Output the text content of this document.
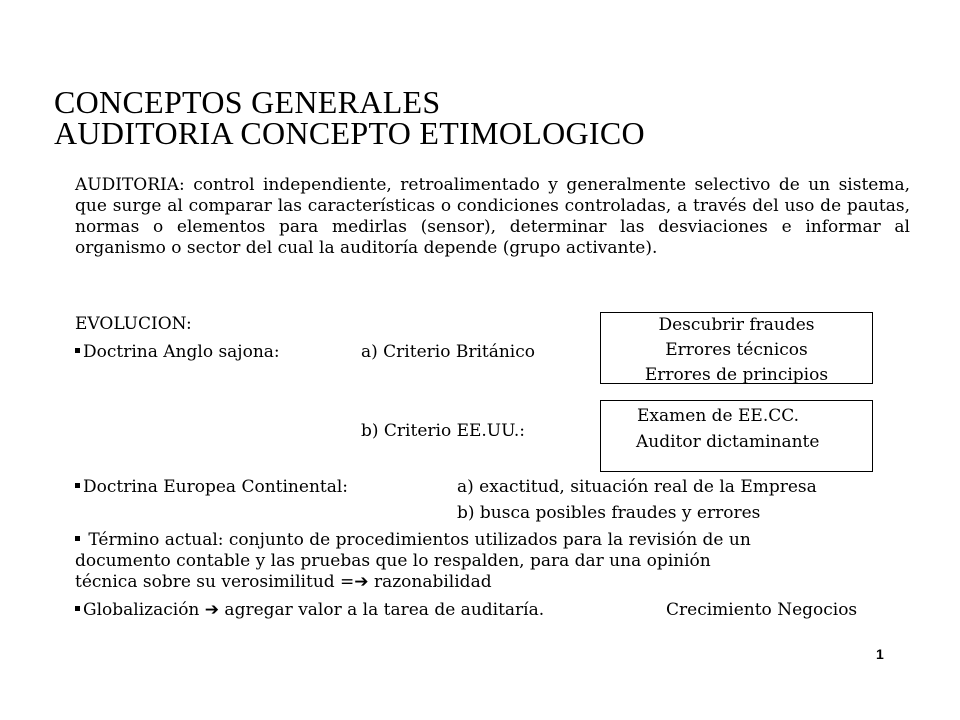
CONCEPTOS GENERALES
AUDITORIA CONCEPTO ETIMOLOGICO
AUDITORIA: control independiente, retroalimentado y generalmente selectivo de un sistema, que surge al comparar las características o condiciones controladas, a través del uso de pautas, normas o elementos para medirlas (sensor), determinar las desviaciones e informar al organismo o sector del cual la auditoría depende (grupo activante).
EVOLUCION:
Doctrina Anglo sajona:	a) Criterio Británico
Descubrir fraudes
Errores técnicos
Errores de principios
b) Criterio EE.UU.:
Examen de EE.CC.
Auditor dictaminante
Doctrina Europea Continental:	a) exactitud, situación real de la Empresa
b) busca posibles fraudes y errores
Término actual: conjunto de procedimientos utilizados para la revisión de un
documento contable y las pruebas que lo respalden, para dar una opinión
técnica sobre su verosimilitud =➔ razonabilidad
Globalización ➔ agregar valor a la tarea de auditaría.	Crecimiento Negocios
1
